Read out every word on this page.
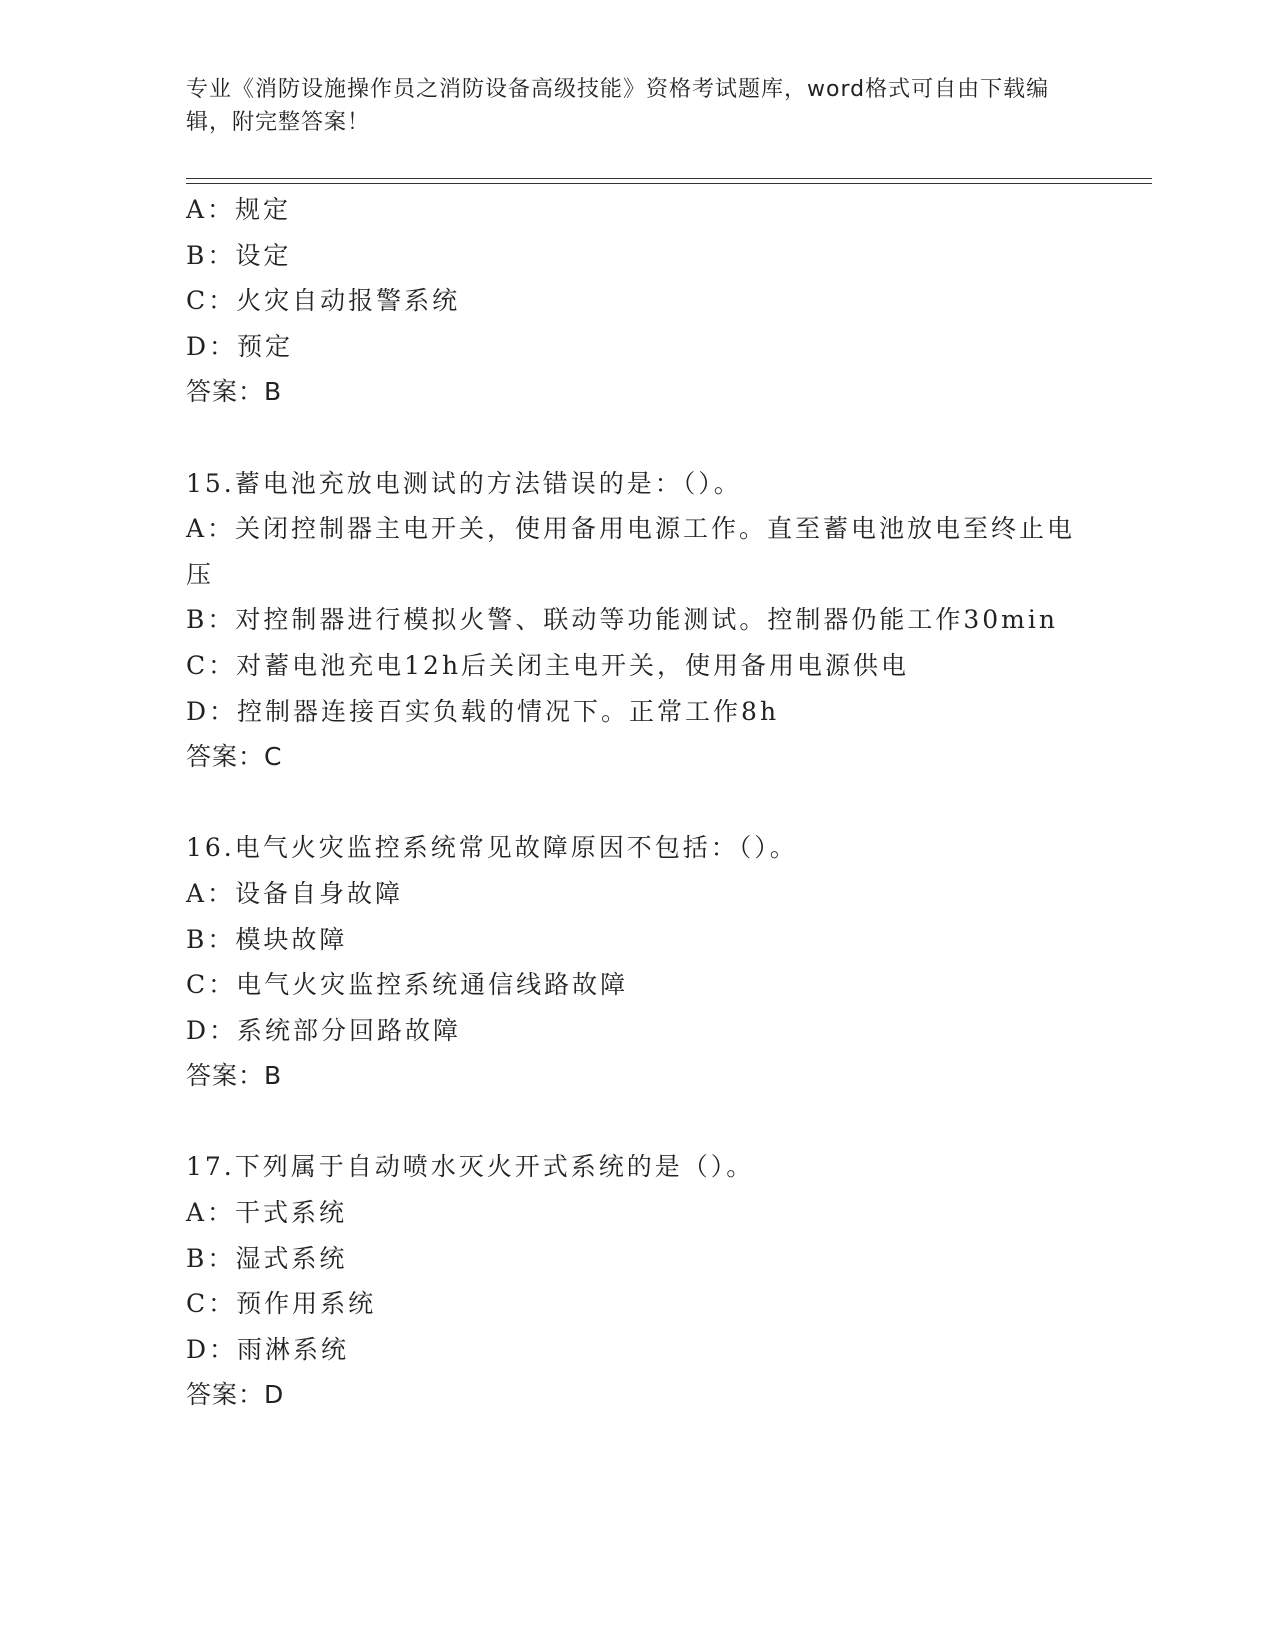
专业《消防设施操作员之消防设备高级技能》资格考试题库，word格式可自由下载编辑，附完整答案！
A：规定
B：设定
C：火灾自动报警系统
D：预定
答案：B
15.蓄电池充放电测试的方法错误的是：（）。
A：关闭控制器主电开关，使用备用电源工作。直至蓄电池放电至终止电压
B：对控制器进行模拟火警、联动等功能测试。控制器仍能工作30min
C：对蓄电池充电12h后关闭主电开关，使用备用电源供电
D：控制器连接百实负载的情况下。正常工作8h
答案：C
16.电气火灾监控系统常见故障原因不包括：（）。
A：设备自身故障
B：模块故障
C：电气火灾监控系统通信线路故障
D：系统部分回路故障
答案：B
17.下列属于自动喷水灭火开式系统的是（）。
A：干式系统
B：湿式系统
C：预作用系统
D：雨淋系统
答案：D
